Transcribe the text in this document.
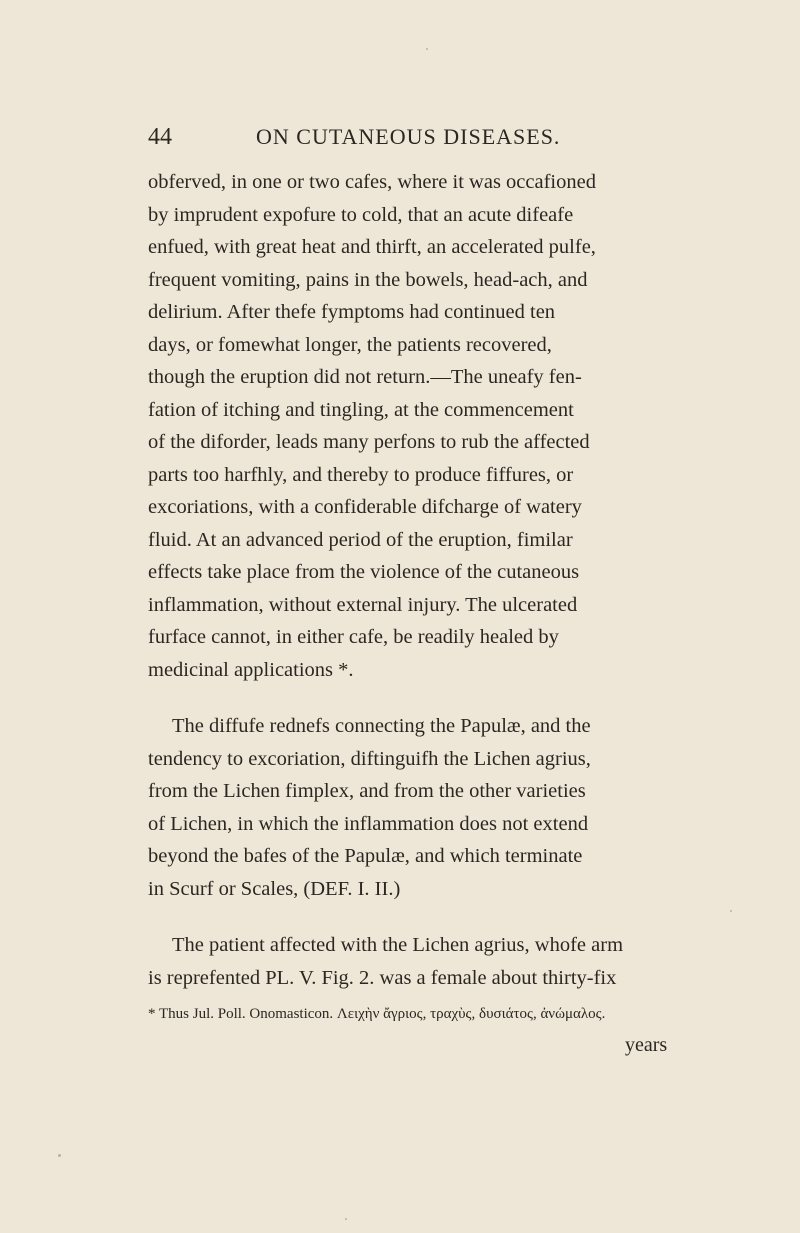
44	ON CUTANEOUS DISEASES.
obferved, in one or two cafes, where it was occafioned
by imprudent expofure to cold, that an acute difeafe
enfued, with great heat and thirft, an accelerated pulfe,
frequent vomiting, pains in the bowels, head-ach, and
delirium. After thefe fymptoms had continued ten
days, or fomewhat longer, the patients recovered,
though the eruption did not return.—The uneafy fen-
fation of itching and tingling, at the commencement
of the diforder, leads many perfons to rub the affected
parts too harfhly, and thereby to produce fiffures, or
excoriations, with a confiderable difcharge of watery
fluid. At an advanced period of the eruption, fimilar
effects take place from the violence of the cutaneous
inflammation, without external injury. The ulcerated
furface cannot, in either cafe, be readily healed by
medicinal applications *.
The diffufe rednefs connecting the Papulæ, and the
tendency to excoriation, diftinguifh the Lichen agrius,
from the Lichen fimplex, and from the other varieties
of Lichen, in which the inflammation does not extend
beyond the bafes of the Papulæ, and which terminate
in Scurf or Scales, (DEF. I. II.)
The patient affected with the Lichen agrius, whofe arm
is reprefented PL. V. Fig. 2. was a female about thirty-fix
* Thus Jul. Poll. Onomasticon. Λειχὴν ἄγριος, τραχὺς, δυσιάτος, ἀνώμαλος.
years
